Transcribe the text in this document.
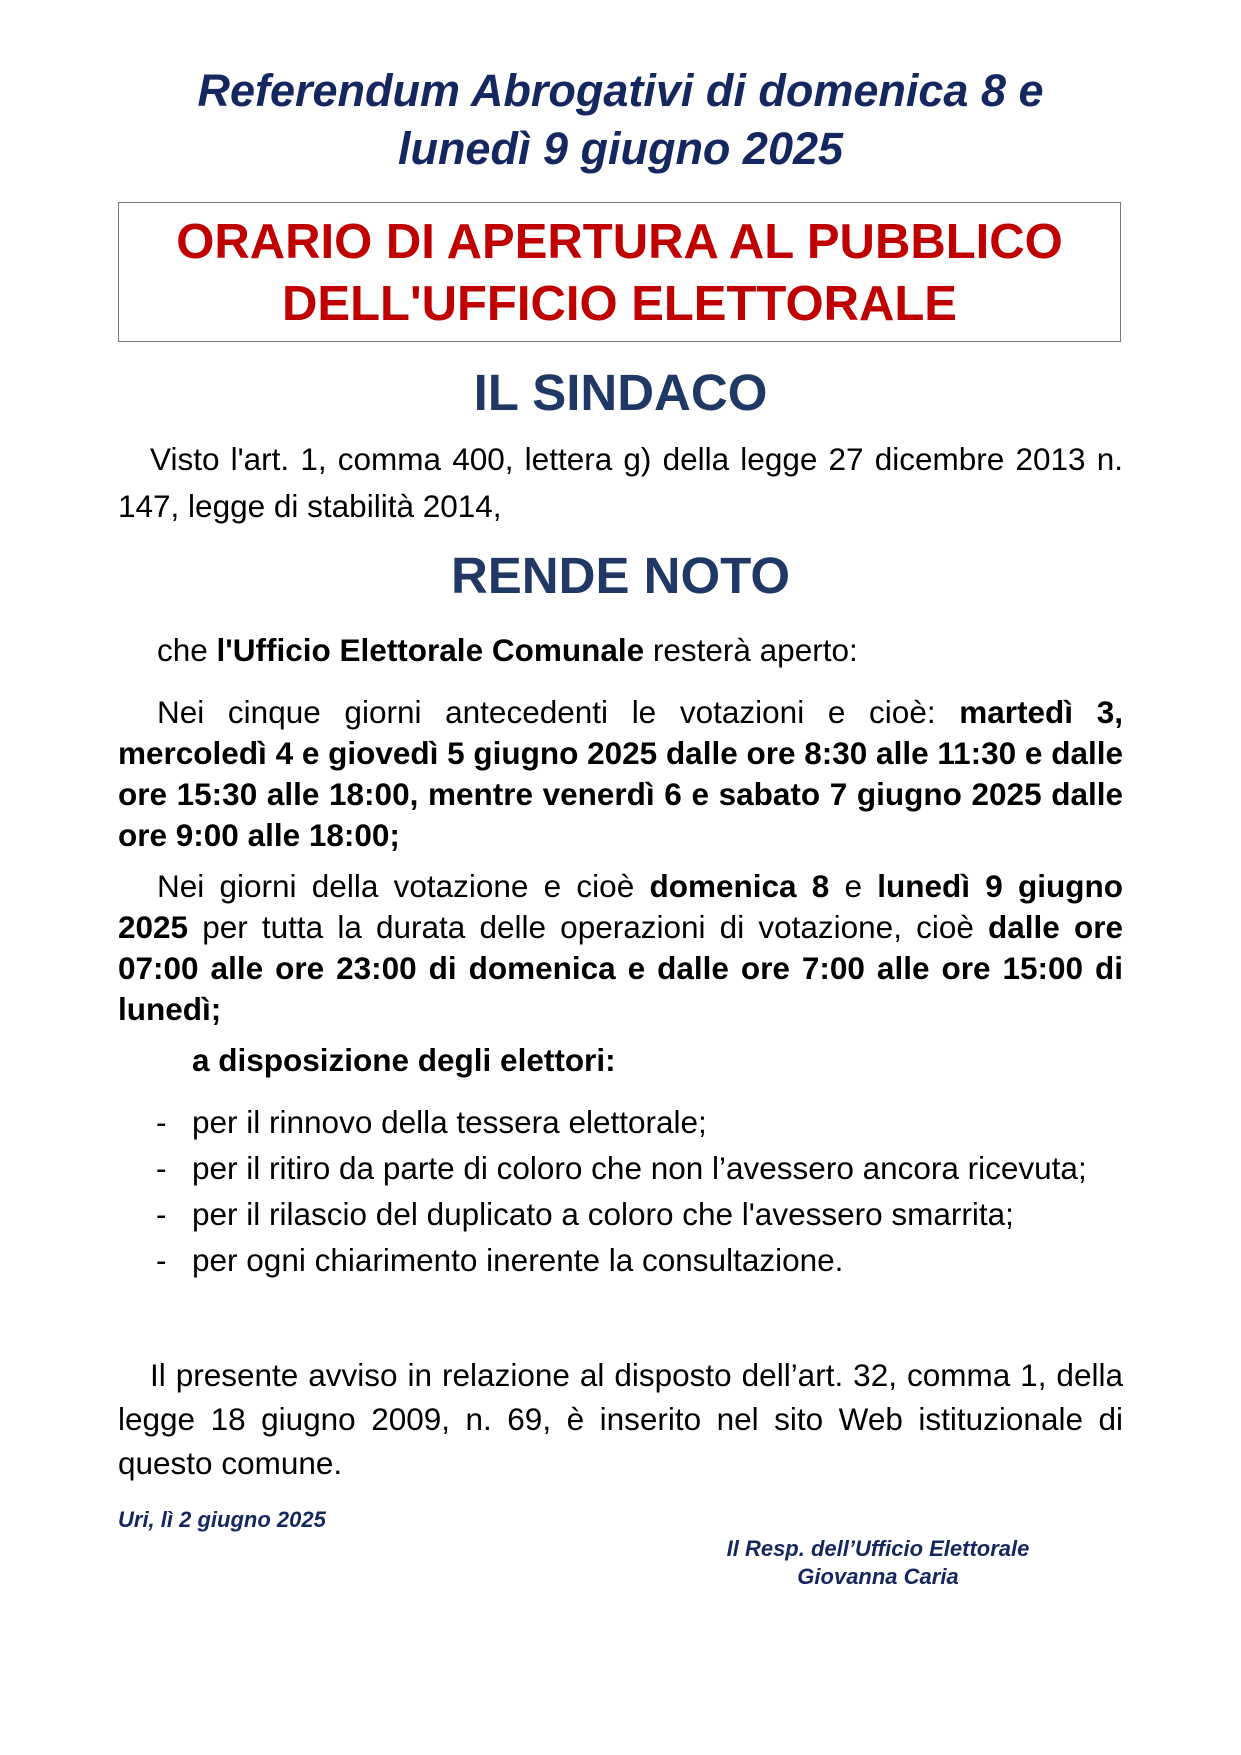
Referendum Abrogativi di domenica 8 e
lunedì 9 giugno 2025
ORARIO DI APERTURA AL PUBBLICO
DELL'UFFICIO ELETTORALE
IL SINDACO
Visto l'art. 1, comma 400, lettera g) della legge 27 dicembre 2013 n. 147, legge di stabilità 2014,
RENDE NOTO
che l'Ufficio Elettorale Comunale resterà aperto:
Nei cinque giorni antecedenti le votazioni e cioè: martedì 3, mercoledì 4 e giovedì 5 giugno 2025 dalle ore 8:30 alle 11:30 e dalle ore 15:30 alle 18:00, mentre venerdì 6 e sabato 7 giugno 2025 dalle ore 9:00 alle 18:00;
Nei giorni della votazione e cioè domenica 8 e lunedì 9 giugno 2025 per tutta la durata delle operazioni di votazione, cioè dalle ore 07:00 alle ore 23:00 di domenica e dalle ore 7:00 alle ore 15:00 di lunedì;
a disposizione degli elettori:
- per il rinnovo della tessera elettorale;
- per il ritiro da parte di coloro che non l’avessero ancora ricevuta;
- per il rilascio del duplicato a coloro che l'avessero smarrita;
- per ogni chiarimento inerente la consultazione.
Il presente avviso in relazione al disposto dell’art. 32, comma 1, della legge 18 giugno 2009, n. 69, è inserito nel sito Web istituzionale di questo comune.
Uri, lì 2 giugno 2025
Il Resp. dell’Ufficio Elettorale
Giovanna Caria
